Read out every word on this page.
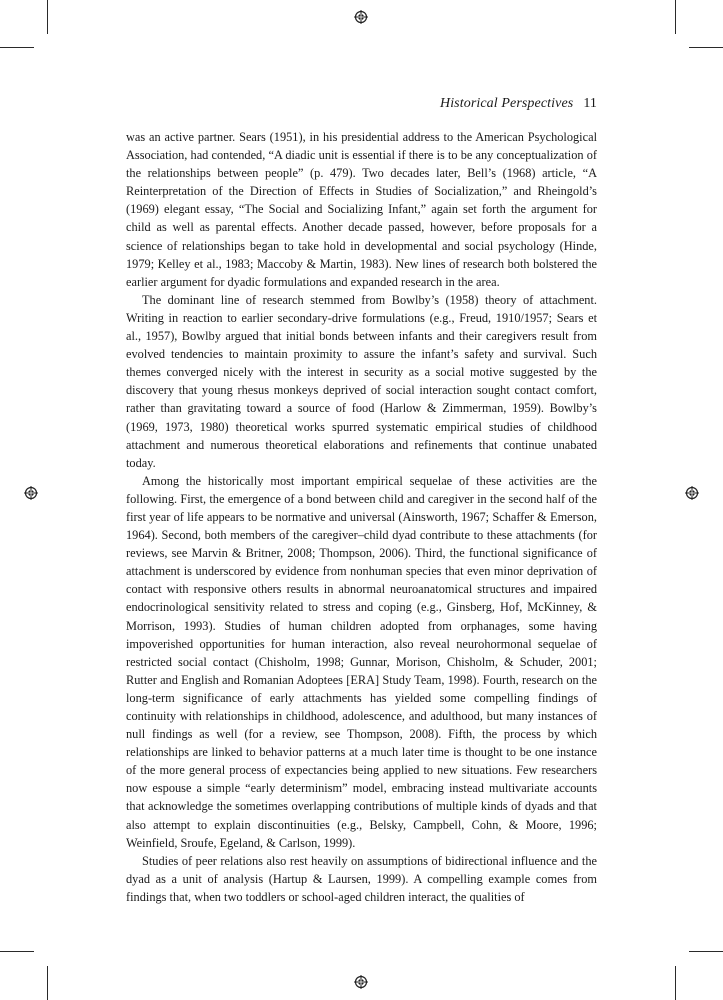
Historical Perspectives 11

was an active partner. Sears (1951), in his presidential address to the American Psychological Association, had contended, “A diadic unit is essential if there is to be any conceptualization of the relationships between people” (p. 479). Two decades later, Bell’s (1968) article, “A Reinterpretation of the Direction of Effects in Studies of Socialization,” and Rheingold’s (1969) elegant essay, “The Social and Socializing Infant,” again set forth the argument for child as well as parental effects. Another decade passed, however, before proposals for a science of relationships began to take hold in developmental and social psychology (Hinde, 1979; Kelley et al., 1983; Maccoby & Martin, 1983). New lines of research both bolstered the earlier argument for dyadic formulations and expanded research in the area.

The dominant line of research stemmed from Bowlby’s (1958) theory of attachment. Writing in reaction to earlier secondary-drive formulations (e.g., Freud, 1910/1957; Sears et al., 1957), Bowlby argued that initial bonds between infants and their caregivers result from evolved tendencies to maintain proximity to assure the infant’s safety and survival. Such themes converged nicely with the interest in security as a social motive suggested by the discovery that young rhesus monkeys deprived of social interaction sought contact comfort, rather than gravitating toward a source of food (Harlow & Zimmerman, 1959). Bowlby’s (1969, 1973, 1980) theoretical works spurred systematic empirical studies of childhood attachment and numerous theoretical elaborations and refinements that continue unabated today.

Among the historically most important empirical sequelae of these activities are the following. First, the emergence of a bond between child and caregiver in the second half of the first year of life appears to be normative and universal (Ainsworth, 1967; Schaffer & Emerson, 1964). Second, both members of the caregiver–child dyad contribute to these attachments (for reviews, see Marvin & Britner, 2008; Thompson, 2006). Third, the functional significance of attachment is underscored by evidence from nonhuman species that even minor deprivation of contact with responsive others results in abnormal neuroanatomical structures and impaired endocrinological sensitivity related to stress and coping (e.g., Ginsberg, Hof, McKinney, & Morrison, 1993). Studies of human children adopted from orphanages, some having impoverished opportunities for human interaction, also reveal neurohormonal sequelae of restricted social contact (Chisholm, 1998; Gunnar, Morison, Chisholm, & Schuder, 2001; Rutter and English and Romanian Adoptees [ERA] Study Team, 1998). Fourth, research on the long-term significance of early attachments has yielded some compelling findings of continuity with relationships in childhood, adolescence, and adulthood, but many instances of null findings as well (for a review, see Thompson, 2008). Fifth, the process by which relationships are linked to behavior patterns at a much later time is thought to be one instance of the more general process of expectancies being applied to new situations. Few researchers now espouse a simple “early determinism” model, embracing instead multivariate accounts that acknowledge the sometimes overlapping contributions of multiple kinds of dyads and that also attempt to explain discontinuities (e.g., Belsky, Campbell, Cohn, & Moore, 1996; Weinfield, Sroufe, Egeland, & Carlson, 1999).

Studies of peer relations also rest heavily on assumptions of bidirectional influence and the dyad as a unit of analysis (Hartup & Laursen, 1999). A compelling example comes from findings that, when two toddlers or school-aged children interact, the qualities of
